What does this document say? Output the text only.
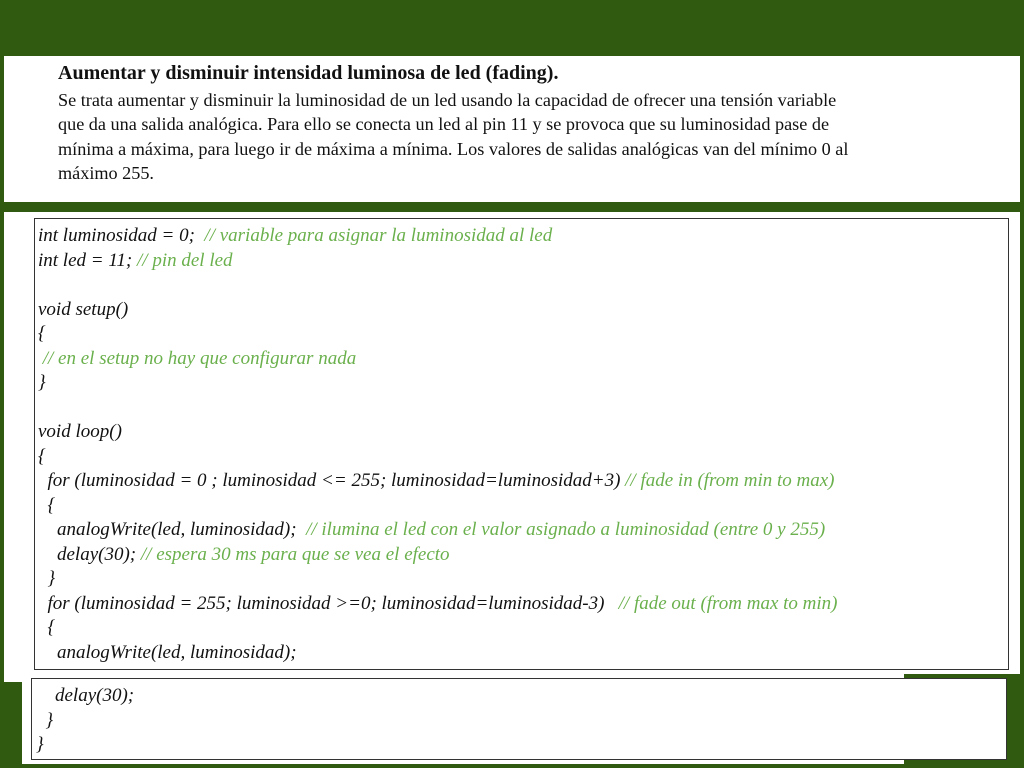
Aumentar y disminuir intensidad luminosa de led (fading).

Se trata aumentar y disminuir la luminosidad de un led usando la capacidad de ofrecer una tensión variable
que da una salida analógica. Para ello se conecta un led al pin 11 y se provoca que su luminosidad pase de
mínima a máxima, para luego ir de máxima a mínima. Los valores de salidas analógicas van del mínimo 0 al
máximo 255.

int luminosidad = 0;  // variable para asignar la luminosidad al led
int led = 11; // pin del led
void setup()
{
// en el setup no hay que configurar nada
}
void loop()
{
for (luminosidad = 0 ; luminosidad <= 255; luminosidad=luminosidad+3) // fade in (from min to max)
{
analogWrite(led, luminosidad);  // ilumina el led con el valor asignado a luminosidad (entre 0 y 255)
delay(30); // espera 30 ms para que se vea el efecto
}
for (luminosidad = 255; luminosidad >=0; luminosidad=luminosidad-3)   // fade out (from max to min)
{
analogWrite(led, luminosidad);
delay(30);
}
}
